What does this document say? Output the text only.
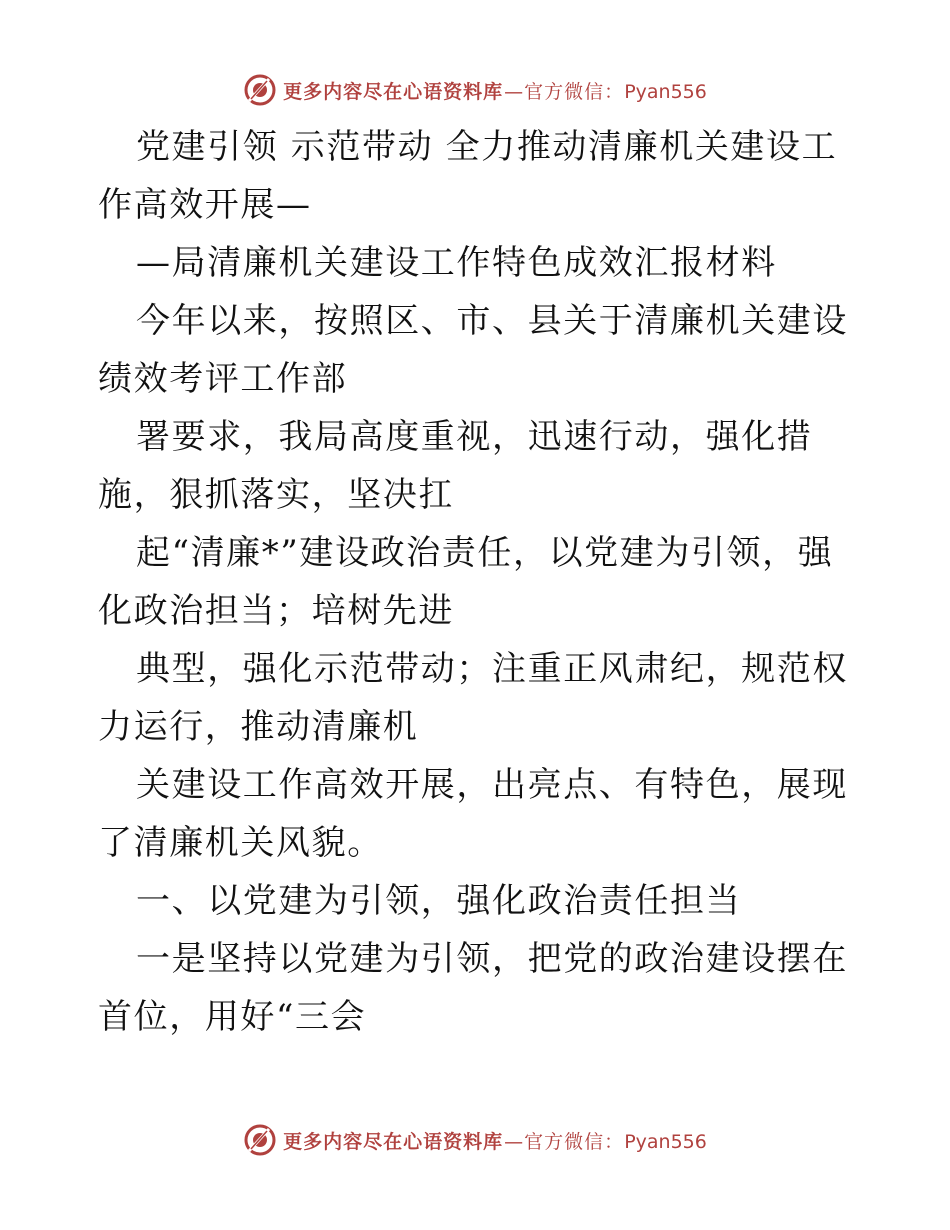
更多内容尽在心语资料库 — 官方微信： Pyan556

党建引领 示范带动 全力推动清廉机关建设工作高效开展—

—局清廉机关建设工作特色成效汇报材料

今年以来，按照区、市、县关于清廉机关建设绩效考评工作部

署要求，我局高度重视，迅速行动，强化措施，狠抓落实，坚决扛

起“清廉*”建设政治责任，以党建为引领，强化政治担当；培树先进

典型，强化示范带动；注重正风肃纪，规范权力运行，推动清廉机

关建设工作高效开展，出亮点、有特色，展现了清廉机关风貌。

一、以党建为引领，强化政治责任担当

一是坚持以党建为引领，把党的政治建设摆在首位，用好“三会

更多内容尽在心语资料库 — 官方微信： Pyan556
